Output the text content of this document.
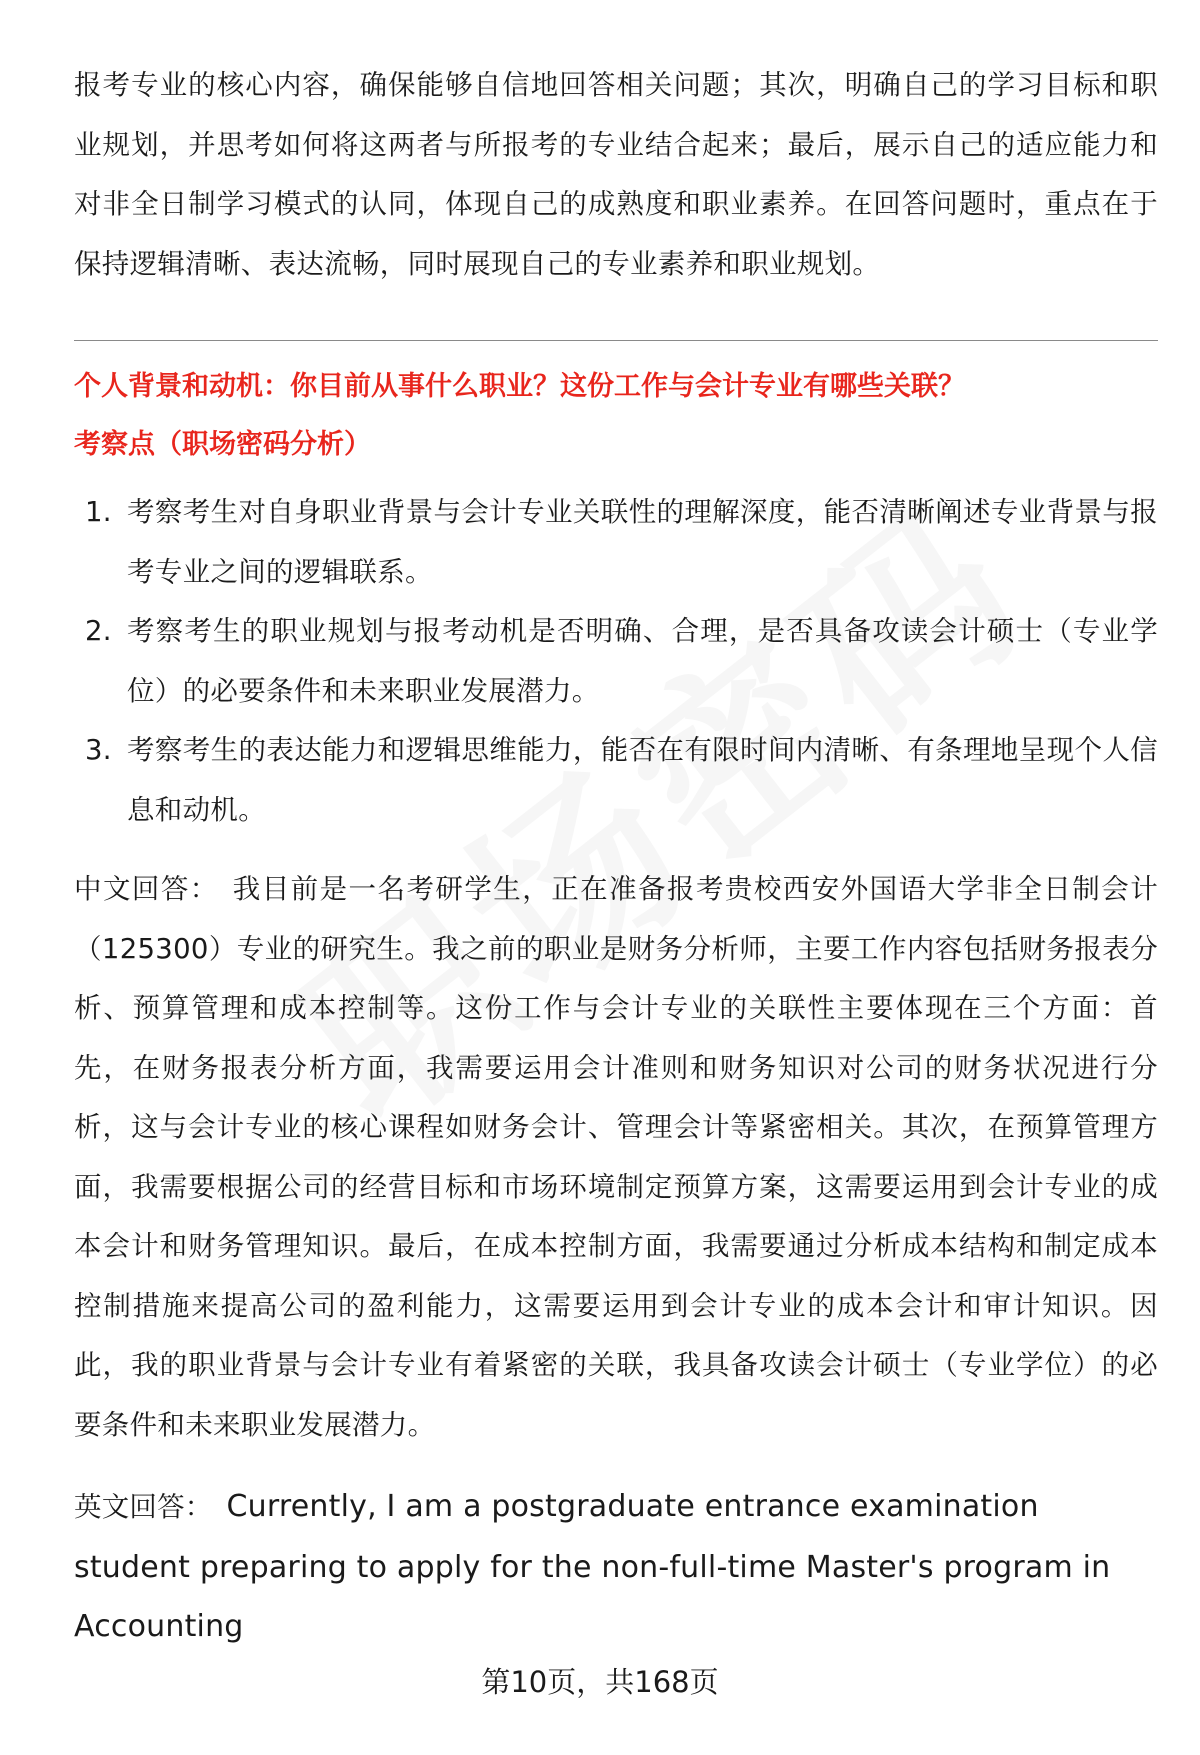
报考专业的核心内容，确保能够自信地回答相关问题；其次，明确自己的学习目标和职业规划，并思考如何将这两者与所报考的专业结合起来；最后，展示自己的适应能力和对非全日制学习模式的认同，体现自己的成熟度和职业素养。在回答问题时，重点在于保持逻辑清晰、表达流畅，同时展现自己的专业素养和职业规划。

个人背景和动机：你目前从事什么职业？这份工作与会计专业有哪些关联？

考察点（职场密码分析）

1. 考察考生对自身职业背景与会计专业关联性的理解深度，能否清晰阐述专业背景与报考专业之间的逻辑联系。
2. 考察考生的职业规划与报考动机是否明确、合理，是否具备攻读会计硕士（专业学位）的必要条件和未来职业发展潜力。
3. 考察考生的表达能力和逻辑思维能力，能否在有限时间内清晰、有条理地呈现个人信息和动机。

中文回答： 我目前是一名考研学生，正在准备报考贵校西安外国语大学非全日制会计（125300）专业的研究生。我之前的职业是财务分析师，主要工作内容包括财务报表分析、预算管理和成本控制等。这份工作与会计专业的关联性主要体现在三个方面：首先，在财务报表分析方面，我需要运用会计准则和财务知识对公司的财务状况进行分析，这与会计专业的核心课程如财务会计、管理会计等紧密相关。其次，在预算管理方面，我需要根据公司的经营目标和市场环境制定预算方案，这需要运用到会计专业的成本会计和财务管理知识。最后，在成本控制方面，我需要通过分析成本结构和制定成本控制措施来提高公司的盈利能力，这需要运用到会计专业的成本会计和审计知识。因此，我的职业背景与会计专业有着紧密的关联，我具备攻读会计硕士（专业学位）的必要条件和未来职业发展潜力。

英文回答： Currently, I am a postgraduate entrance examination student preparing to apply for the non-full-time Master's program in Accounting

第10页，共168页
